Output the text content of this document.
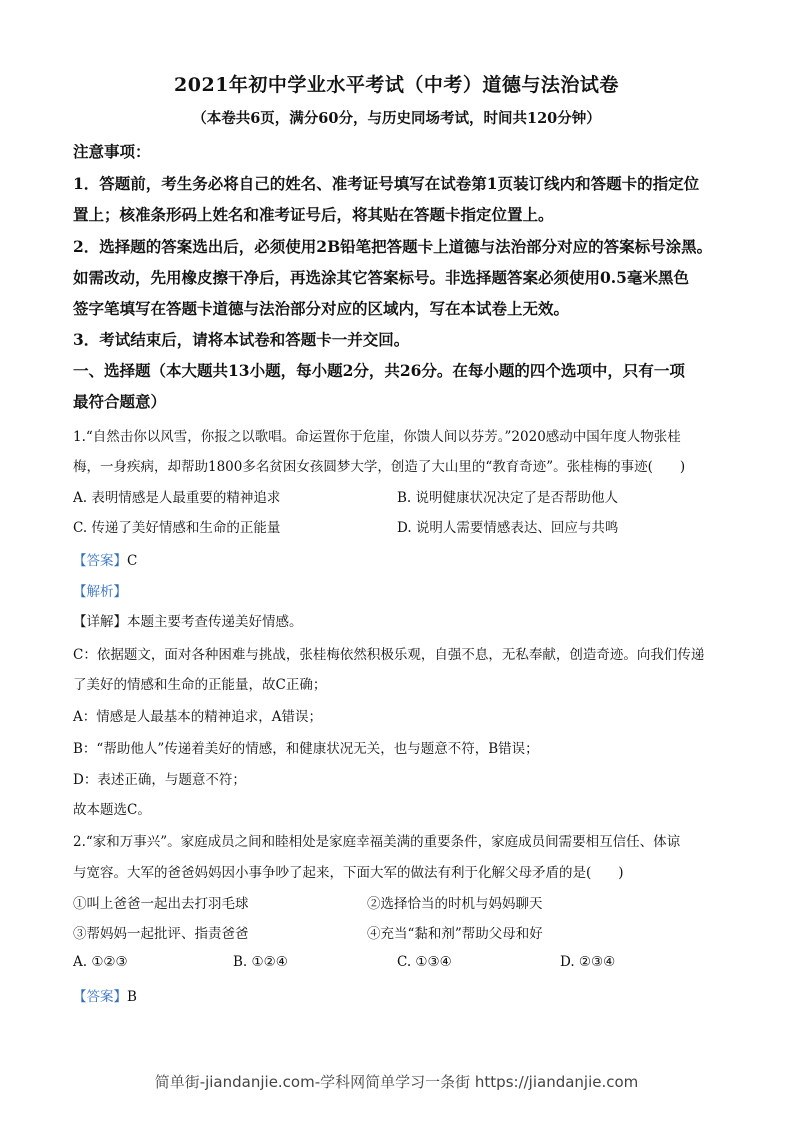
2021年初中学业水平考试（中考）道德与法治试卷
（本卷共6页，满分60分，与历史同场考试，时间共120分钟）
注意事项：
1．答题前，考生务必将自己的姓名、准考证号填写在试卷第1页装订线内和答题卡的指定位
置上；核准条形码上姓名和准考证号后，将其贴在答题卡指定位置上。
2．选择题的答案选出后，必须使用2B铅笔把答题卡上道德与法治部分对应的答案标号涂黑。
如需改动，先用橡皮擦干净后，再选涂其它答案标号。非选择题答案必须使用0.5毫米黑色
签字笔填写在答题卡道德与法治部分对应的区域内，写在本试卷上无效。
3．考试结束后，请将本试卷和答题卡一并交回。
一、选择题（本大题共13小题，每小题2分，共26分。在每小题的四个选项中，只有一项
最符合题意）
1.“自然击你以风雪，你报之以歌唱。命运置你于危崖，你馈人间以芬芳。”2020感动中国年度人物张桂
梅，一身疾病，却帮助1800多名贫困女孩圆梦大学，创造了大山里的“教育奇迹”。张桂梅的事迹(　　)
A. 表明情感是人最重要的精神追求	B. 说明健康状况决定了是否帮助他人
C. 传递了美好情感和生命的正能量	D. 说明人需要情感表达、回应与共鸣
【答案】C
【解析】
【详解】本题主要考查传递美好情感。
C：依据题文，面对各种困难与挑战，张桂梅依然积极乐观，自强不息，无私奉献，创造奇迹。向我们传递
了美好的情感和生命的正能量，故C正确；
A：情感是人最基本的精神追求，A错误；
B：“帮助他人”传递着美好的情感，和健康状况无关，也与题意不符，B错误；
D：表述正确，与题意不符；
故本题选C。
2.“家和万事兴”。家庭成员之间和睦相处是家庭幸福美满的重要条件，家庭成员间需要相互信任、体谅
与宽容。大军的爸爸妈妈因小事争吵了起来，下面大军的做法有利于化解父母矛盾的是(　　)
①叫上爸爸一起出去打羽毛球	②选择恰当的时机与妈妈聊天
③帮妈妈一起批评、指责爸爸	④充当“黏和剂”帮助父母和好
A. ①②③	B. ①②④	C. ①③④	D. ②③④
【答案】B
简单街-jiandanjie.com-学科网简单学习一条街 https://jiandanjie.com
